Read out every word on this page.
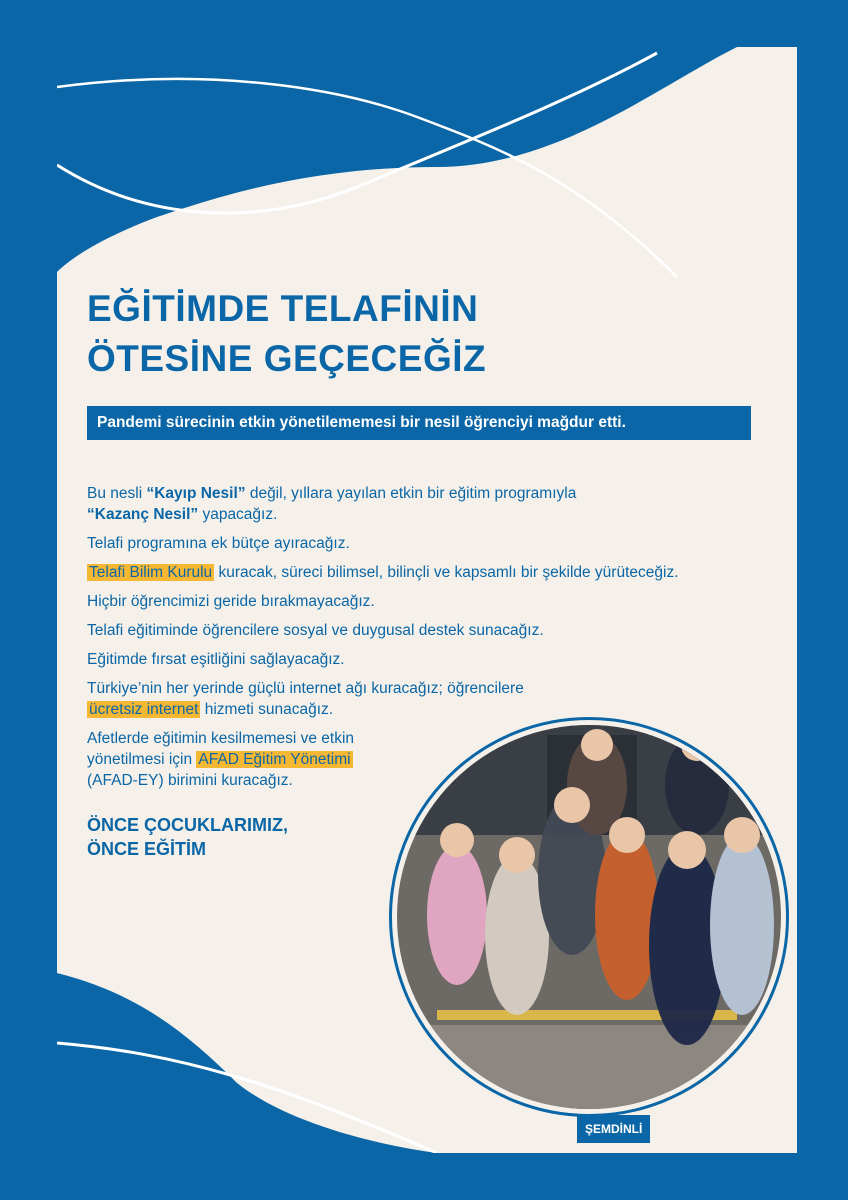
EĞİTİMDE TELAFİNİN
ÖTESİNE GEÇECEĞİZ
Pandemi sürecinin etkin yönetilememesi bir nesil öğrenciyi mağdur etti.

Bu nesli “Kayıp Nesil” değil, yıllara yayılan etkin bir eğitim programıyla
“Kazanç Nesil” yapacağız.

Telafi programına ek bütçe ayıracağız.

Telafi Bilim Kurulu kuracak, süreci bilimsel, bilinçli ve kapsamlı bir şekilde yürüteceğiz.

Hiçbir öğrencimizi geride bırakmayacağız.

Telafi eğitiminde öğrencilere sosyal ve duygusal destek sunacağız.

Eğitimde fırsat eşitliğini sağlayacağız.

Türkiye’nin her yerinde güçlü internet ağı kuracağız; öğrencilere
ücretsiz internet hizmeti sunacağız.

Afetlerde eğitimin kesilmemesi ve etkin
yönetilmesi için AFAD Eğitim Yönetimi
(AFAD-EY) birimini kuracağız.

ÖNCE ÇOCUKLARIMIZ,
ÖNCE EĞİTİM
ŞEMDİNLİ
